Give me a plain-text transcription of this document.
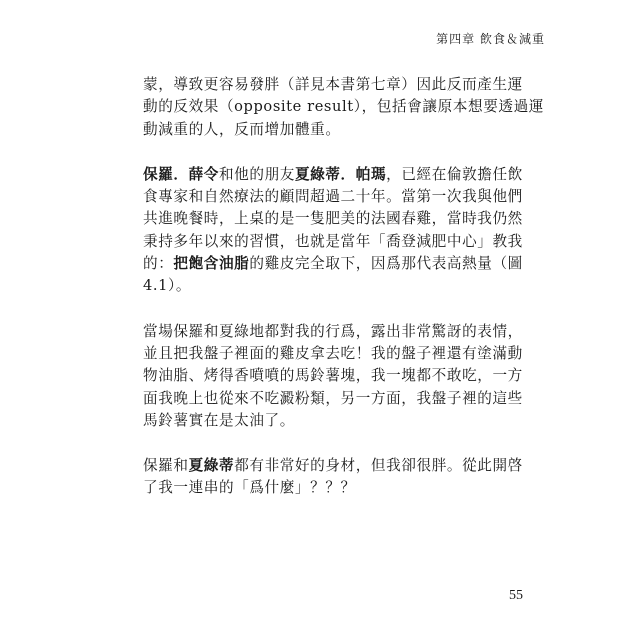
第四章 飲食＆減重
蒙，導致更容易發胖（詳見本書第七章）因此反而產生運
動的反效果（opposite result），包括會讓原本想要透過運
動減重的人，反而增加體重。
保羅．薛令和他的朋友夏綠蒂．帕瑪，已經在倫敦擔任飲
食專家和自然療法的顧問超過二十年。當第一次我與他們
共進晚餐時，上桌的是一隻肥美的法國春雞，當時我仍然
秉持多年以來的習慣，也就是當年「喬登減肥中心」教我
的：把飽含油脂的雞皮完全取下，因爲那代表高熱量（圖
4.1）。
當場保羅和夏綠地都對我的行爲，露出非常驚訝的表情，
並且把我盤子裡面的雞皮拿去吃！我的盤子裡還有塗滿動
物油脂、烤得香噴噴的馬鈴薯塊，我一塊都不敢吃，一方
面我晚上也從來不吃澱粉類，另一方面，我盤子裡的這些
馬鈴薯實在是太油了。
保羅和夏綠蒂都有非常好的身材，但我卻很胖。從此開啓
了我一連串的「爲什麼」？？？
55
